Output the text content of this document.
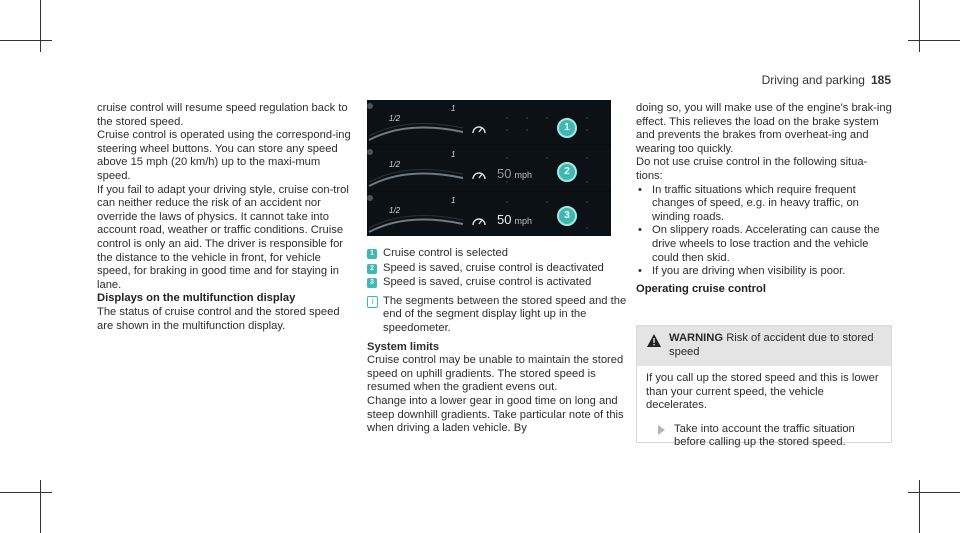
Driving and parking 185

cruise control will resume speed regulation back to the stored speed.

Cruise control is operated using the correspond-ing steering wheel buttons. You can store any speed above 15 mph (20 km/h) up to the maxi-mum speed.

If you fail to adapt your driving style, cruise con-trol can neither reduce the risk of an accident nor override the laws of physics. It cannot take into account road, weather or traffic conditions. Cruise control is only an aid. The driver is responsible for the distance to the vehicle in front, for vehicle speed, for braking in good time and for staying in lane.

Displays on the multifunction display

The status of cruise control and the stored speed are shown in the multifunction display.

1/2
1
1
1/2
1
50 mph	2
1/2
1
50 mph	3
1 Cruise control is selected
2 Speed is saved, cruise control is deactivated
3 Speed is saved, cruise control is activated
i The segments between the stored speed and the end of the segment display light up in the speedometer.

System limits

Cruise control may be unable to maintain the stored speed on uphill gradients. The stored speed is resumed when the gradient evens out.

Change into a lower gear in good time on long and steep downhill gradients. Take particular note of this when driving a laden vehicle. By

doing so, you will make use of the engine's brak-ing effect. This relieves the load on the brake system and prevents the brakes from overheat-ing and wearing too quickly.

Do not use cruise control in the following situa-tions:

• In traffic situations which require frequent changes of speed, e.g. in heavy traffic, on winding roads.
• On slippery roads. Accelerating can cause the drive wheels to lose traction and the vehicle could then skid.
• If you are driving when visibility is poor.

Operating cruise control

WARNING Risk of accident due to stored speed

If you call up the stored speed and this is lower than your current speed, the vehicle decelerates.

Take into account the traffic situation before calling up the stored speed.
